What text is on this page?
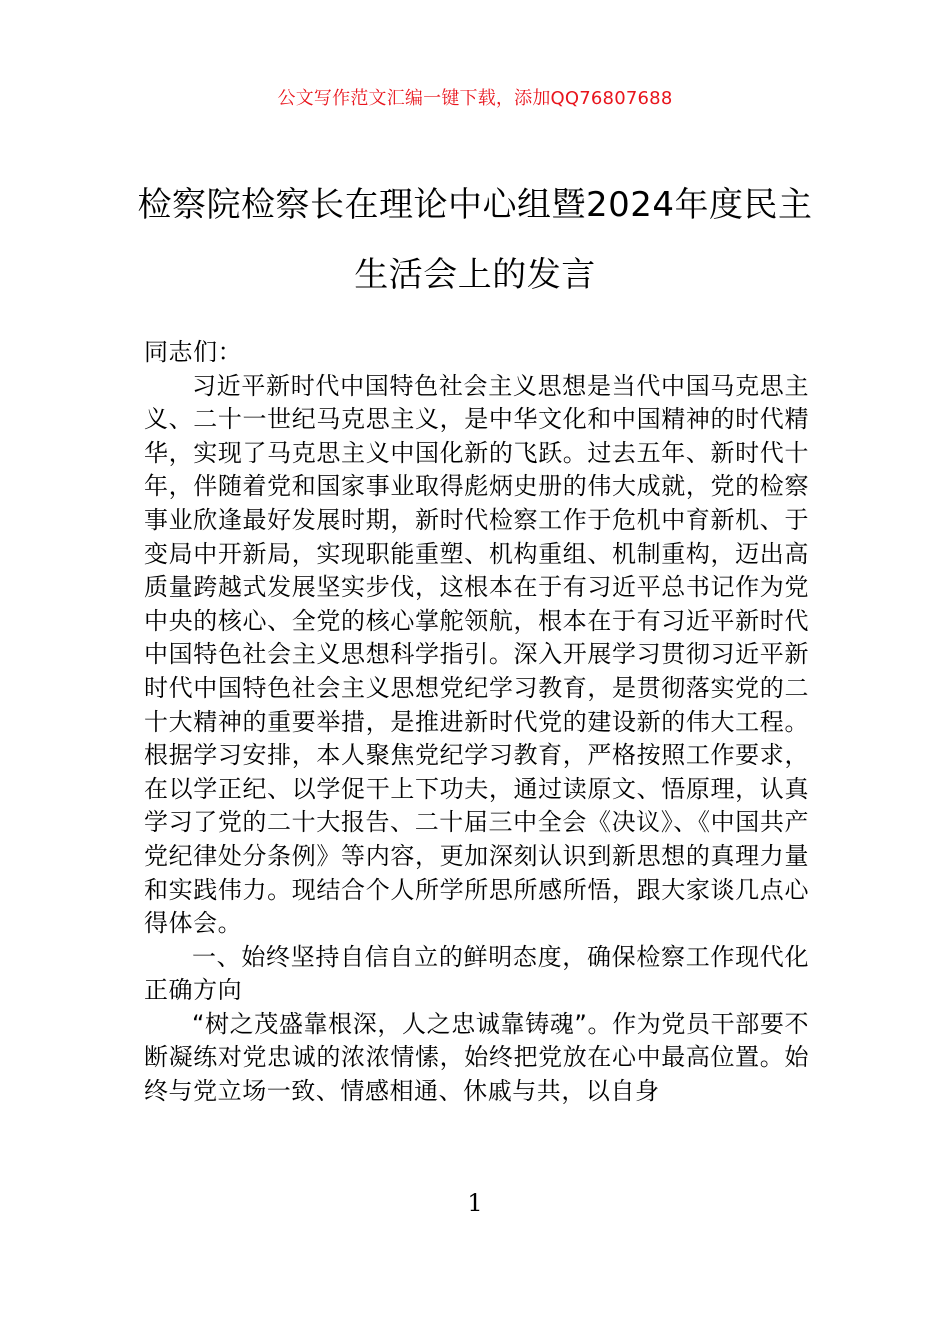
公文写作范文汇编一键下载，添加QQ76807688
检察院检察长在理论中心组暨2024年度民主生活会上的发言

同志们：

习近平新时代中国特色社会主义思想是当代中国马克思主义、二十一世纪马克思主义，是中华文化和中国精神的时代精华，实现了马克思主义中国化新的飞跃。过去五年、新时代十年，伴随着党和国家事业取得彪炳史册的伟大成就，党的检察事业欣逢最好发展时期，新时代检察工作于危机中育新机、于变局中开新局，实现职能重塑、机构重组、机制重构，迈出高质量跨越式发展坚实步伐，这根本在于有习近平总书记作为党中央的核心、全党的核心掌舵领航，根本在于有习近平新时代中国特色社会主义思想科学指引。深入开展学习贯彻习近平新时代中国特色社会主义思想党纪学习教育，是贯彻落实党的二十大精神的重要举措，是推进新时代党的建设新的伟大工程。根据学习安排，本人聚焦党纪学习教育，严格按照工作要求，在以学正纪、以学促干上下功夫，通过读原文、悟原理，认真学习了党的二十大报告、二十届三中全会《决议》、《中国共产党纪律处分条例》等内容，更加深刻认识到新思想的真理力量和实践伟力。现结合个人所学所思所感所悟，跟大家谈几点心得体会。

一、始终坚持自信自立的鲜明态度，确保检察工作现代化正确方向

“树之茂盛靠根深，人之忠诚靠铸魂”。作为党员干部要不断凝练对党忠诚的浓浓情愫，始终把党放在心中最高位置。始终与党立场一致、情感相通、休戚与共，以自身

1
